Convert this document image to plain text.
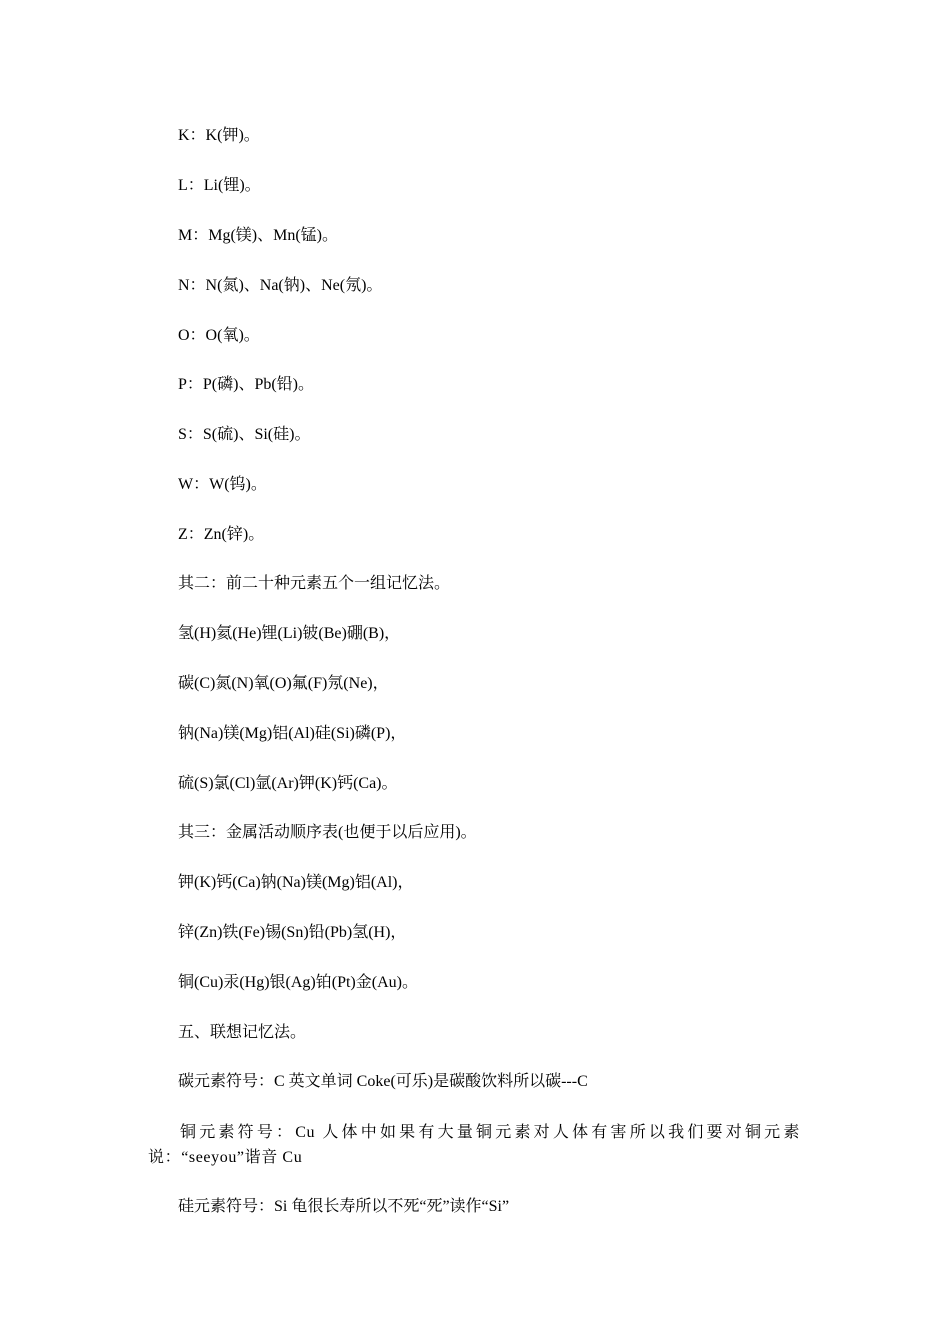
K：K(钾)。
L：Li(锂)。
M：Mg(镁)、Mn(锰)。
N：N(氮)、Na(钠)、Ne(氖)。
O：O(氧)。
P：P(磷)、Pb(铅)。
S：S(硫)、Si(硅)。
W：W(钨)。
Z：Zn(锌)。
其二：前二十种元素五个一组记忆法。
氢(H)氦(He)锂(Li)铍(Be)硼(B)，
碳(C)氮(N)氧(O)氟(F)氖(Ne)，
钠(Na)镁(Mg)铝(Al)硅(Si)磷(P)，
硫(S)氯(Cl)氩(Ar)钾(K)钙(Ca)。
其三：金属活动顺序表(也便于以后应用)。
钾(K)钙(Ca)钠(Na)镁(Mg)铝(Al)，
锌(Zn)铁(Fe)锡(Sn)铅(Pb)氢(H)，
铜(Cu)汞(Hg)银(Ag)铂(Pt)金(Au)。
五、联想记忆法。
碳元素符号：C 英文单词 Coke(可乐)是碳酸饮料所以碳---C
铜元素符号：Cu 人体中如果有大量铜元素对人体有害所以我们要对铜元素说：“seeyou”谐音 Cu
硅元素符号：Si 龟很长寿所以不死“死”读作“Si”
